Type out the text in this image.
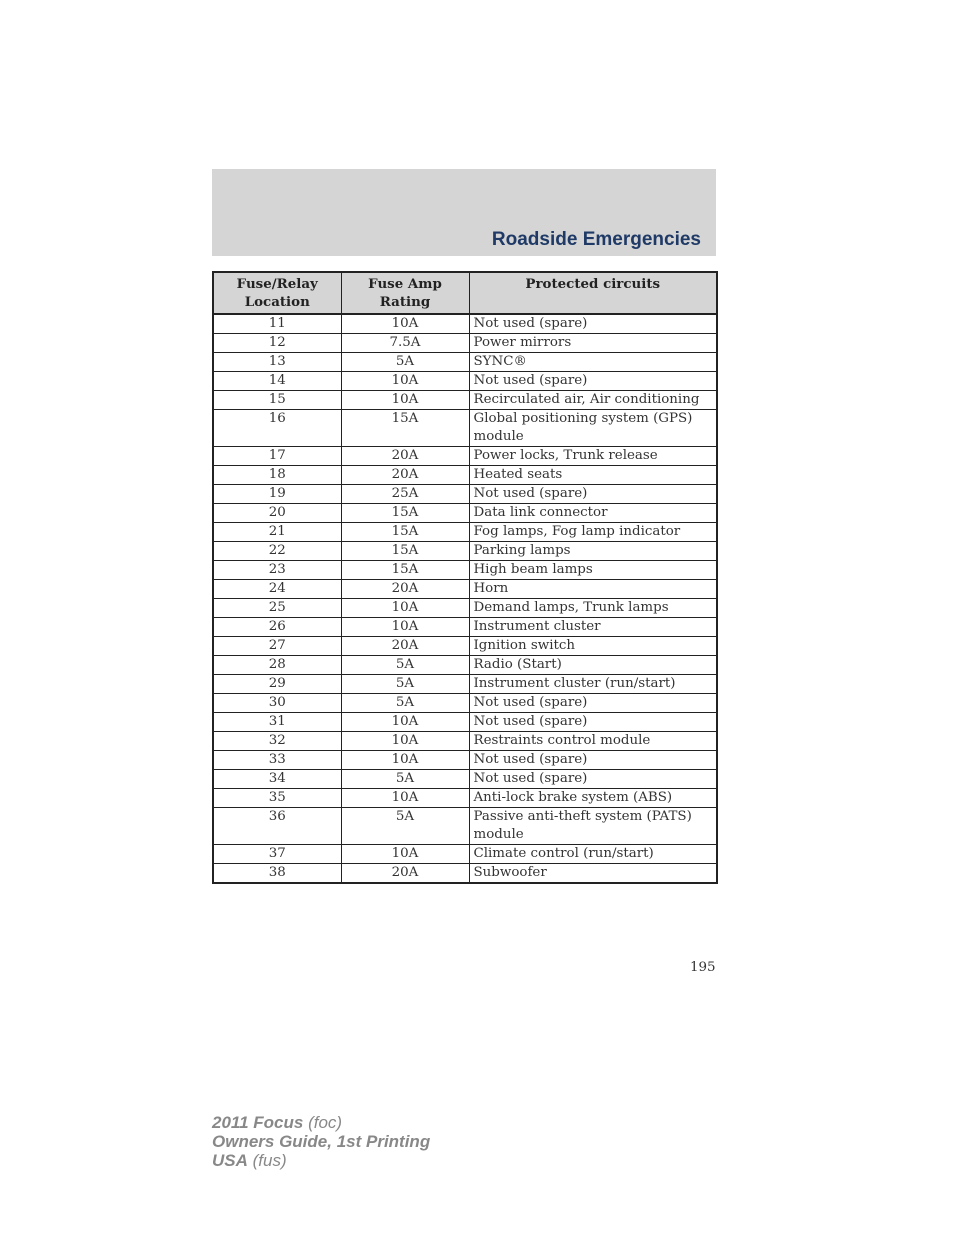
Roadside Emergencies
Fuse/Relay Location	Fuse Amp Rating	Protected circuits
11	10A	Not used (spare)
12	7.5A	Power mirrors
13	5A	SYNC®
14	10A	Not used (spare)
15	10A	Recirculated air, Air conditioning
16	15A	Global positioning system (GPS) module
17	20A	Power locks, Trunk release
18	20A	Heated seats
19	25A	Not used (spare)
20	15A	Data link connector
21	15A	Fog lamps, Fog lamp indicator
22	15A	Parking lamps
23	15A	High beam lamps
24	20A	Horn
25	10A	Demand lamps, Trunk lamps
26	10A	Instrument cluster
27	20A	Ignition switch
28	5A	Radio (Start)
29	5A	Instrument cluster (run/start)
30	5A	Not used (spare)
31	10A	Not used (spare)
32	10A	Restraints control module
33	10A	Not used (spare)
34	5A	Not used (spare)
35	10A	Anti-lock brake system (ABS)
36	5A	Passive anti-theft system (PATS) module
37	10A	Climate control (run/start)
38	20A	Subwoofer
195
2011 Focus (foc)
Owners Guide, 1st Printing
USA (fus)
